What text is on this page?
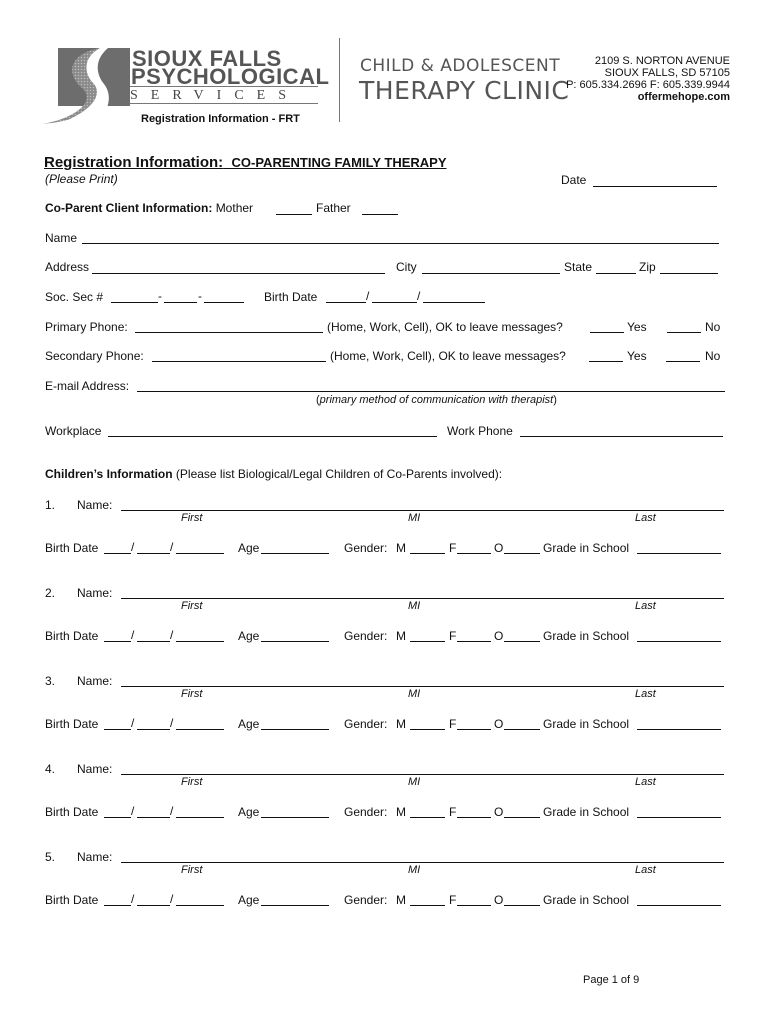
SIOUX FALLS
PSYCHOLOGICAL
SERVICES
CHILD & ADOLESCENT
THERAPY CLINIC
2109 S. NORTON AVENUE
SIOUX FALLS, SD 57105
P: 605.334.2696 F: 605.339.9944
offermehope.com
Registration Information - FRT
Registration Information: CO-PARENTING FAMILY THERAPY
(Please Print)	Date
Co-Parent Client Information: Mother	Father
Name
Address	City	State	Zip
Soc. Sec #	-	-	Birth Date	/	/
Primary Phone:	(Home, Work, Cell), OK to leave messages?	Yes	No
Secondary Phone:	(Home, Work, Cell), OK to leave messages?	Yes	No
E-mail Address:
(primary method of communication with therapist)
Workplace	Work Phone
Children’s Information (Please list Biological/Legal Children of Co-Parents involved):
1. Name:
First	MI	Last
Birth Date	/	/	Age	Gender: M	F	O	Grade in School
2. Name:
First	MI	Last
Birth Date	/	/	Age	Gender: M	F	O	Grade in School
3. Name:
First	MI	Last
Birth Date	/	/	Age	Gender: M	F	O	Grade in School
4. Name:
First	MI	Last
Birth Date	/	/	Age	Gender: M	F	O	Grade in School
5. Name:
First	MI	Last
Birth Date	/	/	Age	Gender: M	F	O	Grade in School
Page 1 of 9
